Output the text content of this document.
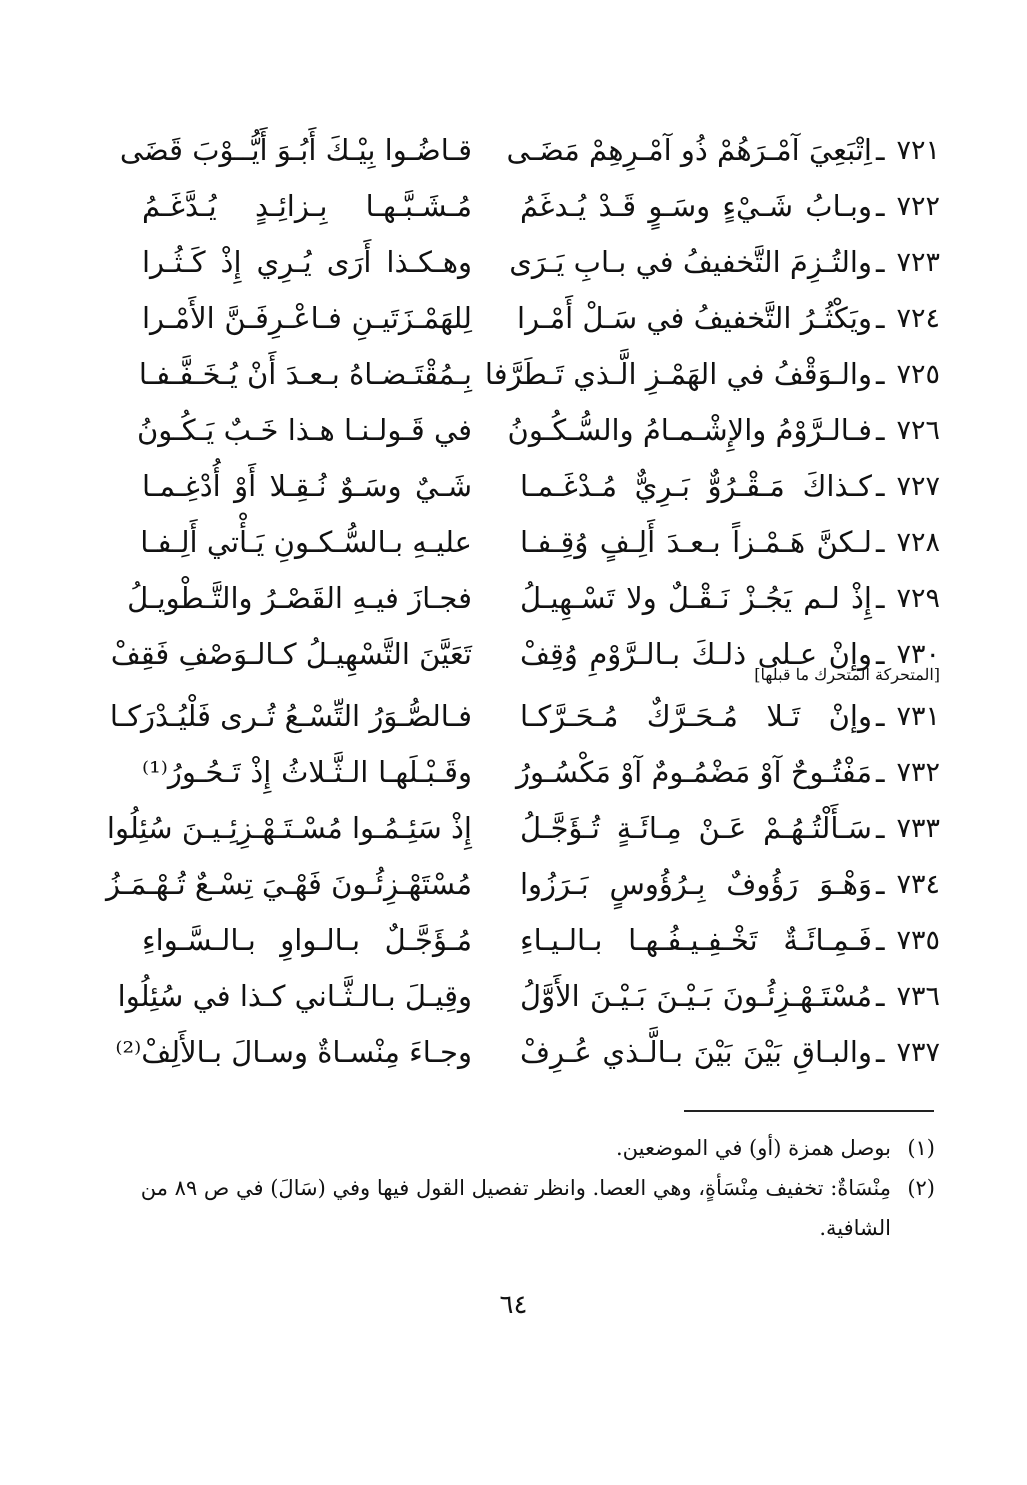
٧٢١
ـ
اِتْبَعِيَ آمْـرَهُمْ ذُو آمْـرِهِمْ مَضَـى
قـاضُـوا بِيْـكَ أَبُـوَ أَيُّــوْبَ قَضَى
٧٢٢
ـ
وبـابُ شَـيْءٍ وسَـوٍ قَـدْ يُـدغَمُ
مُـشَـبَّـهـا بِـزائِـدٍ يُـدَّغَـمُ
٧٢٣
ـ
والتُـزِمَ التَّخفيفُ في بـابِ يَـرَى
وهـكـذا أَرَى يُـرِي إِذْ كَـثُـرا
٧٢٤
ـ
ويَكْثُـرُ التَّخفيفُ في سَـلْ أَمْـرا
لِلهَمْـزَتَيـنِ فـاعْـرِفَـنَّ الأَمْـرا
٧٢٥
ـ
والـوَقْفُ في الهَمْـزِ الَّـذي تَـطَرَّفا
بِـمُقْتَـضـاهُ بـعـدَ أَنْ يُـخَـفَّـفـا
٧٢٦
ـ
فـالـرَّوْمُ والإِشْـمـامُ والسُّـكُـونُ
في قَـولـنـا هـذا خَـبٌ يَـكُـونُ
٧٢٧
ـ
كـذاكَ مَـقْـرُوٌّ بَـرِيٌّ مُـدْغَـمـا
شَـيٌ وسَـوٌ نُـقِـلا أَوْ أُدْغِـمـا
٧٢٨
ـ
لـكنَّ هَـمْـزاً بـعـدَ أَلِـفٍ وُقِـفـا
عليـهِ بـالسُّـكـونِ يَـأْتي أَلِـفـا
٧٢٩
ـ
إِذْ لـم يَجُـزْ نَـقْـلٌ ولا تَسْـهِيـلُ
فجـازَ فيـهِ القَصْـرُ والتَّـطْويـلُ
٧٣٠
ـ
وإنْ عـلى ذلـكَ بـالـرَّوْمِ وُقِفْ
تَعَيَّنَ التَّسْهِيـلُ كـالـوَصْفِ فَقِفْ
[المتحركة المتحرك ما قبلها]
٧٣١
ـ
وإنْ تَـلا مُـحَـرَّكٌ مُـحَـرَّكـا
فـالصُّـوَرُ التِّسْـعُ تُـرى فَلْيُـدْرَكـا
٧٣٢
ـ
مَفْتُـوحٌ آوْ مَضْمُـومٌ آوْ مَكْسُـورُ
وقَـبْـلَهـا الـثَّـلاثُ إِذْ تَـحُـورُ⁽¹⁾
٧٣٣
ـ
سَـأَلْتُـهُـمْ عَـنْ مِـائَـةٍ تُـؤَجَّـلُ
إِذْ سَئِـمُـوا مُسْـتَـهْـزِئِـيـنَ سُئِلُوا
٧٣٤
ـ
وَهْـوَ رَؤُوفٌ بِـرُؤُوسٍ بَـرَزُوا
مُسْتَهْـزِئُـونَ فَهْـيَ تِسْـعٌ تُـهْـمَـزُ
٧٣٥
ـ
فَـمِـائَـةٌ تَخْـفِـيـفُـهـا بـالـيـاءِ
مُـؤَجَّـلٌ بـالـواوِ بـالـسَّـواءِ
٧٣٦
ـ
مُسْتَـهْـزِئُـونَ بَـيْـنَ بَـيْـنَ الأَوَّلُ
وقِيـلَ بـالـثَّـاني كـذا في سُئِلُوا
٧٣٧
ـ
والبـاقِ بَيْنَ بَيْنَ بـالَّـذي عُـرِفْ
وجـاءَ مِنْسـاةٌ وسـالَ بـالأَلِفْ⁽²⁾
(١)
بوصل همزة (أو) في الموضعين.
(٢)
مِنْسَاةٌ: تخفيف مِنْسَأةٍ، وهي العصا. وانظر تفصيل القول فيها وفي (سَالَ) في ص ٨٩ من الشافية.
٦٤
